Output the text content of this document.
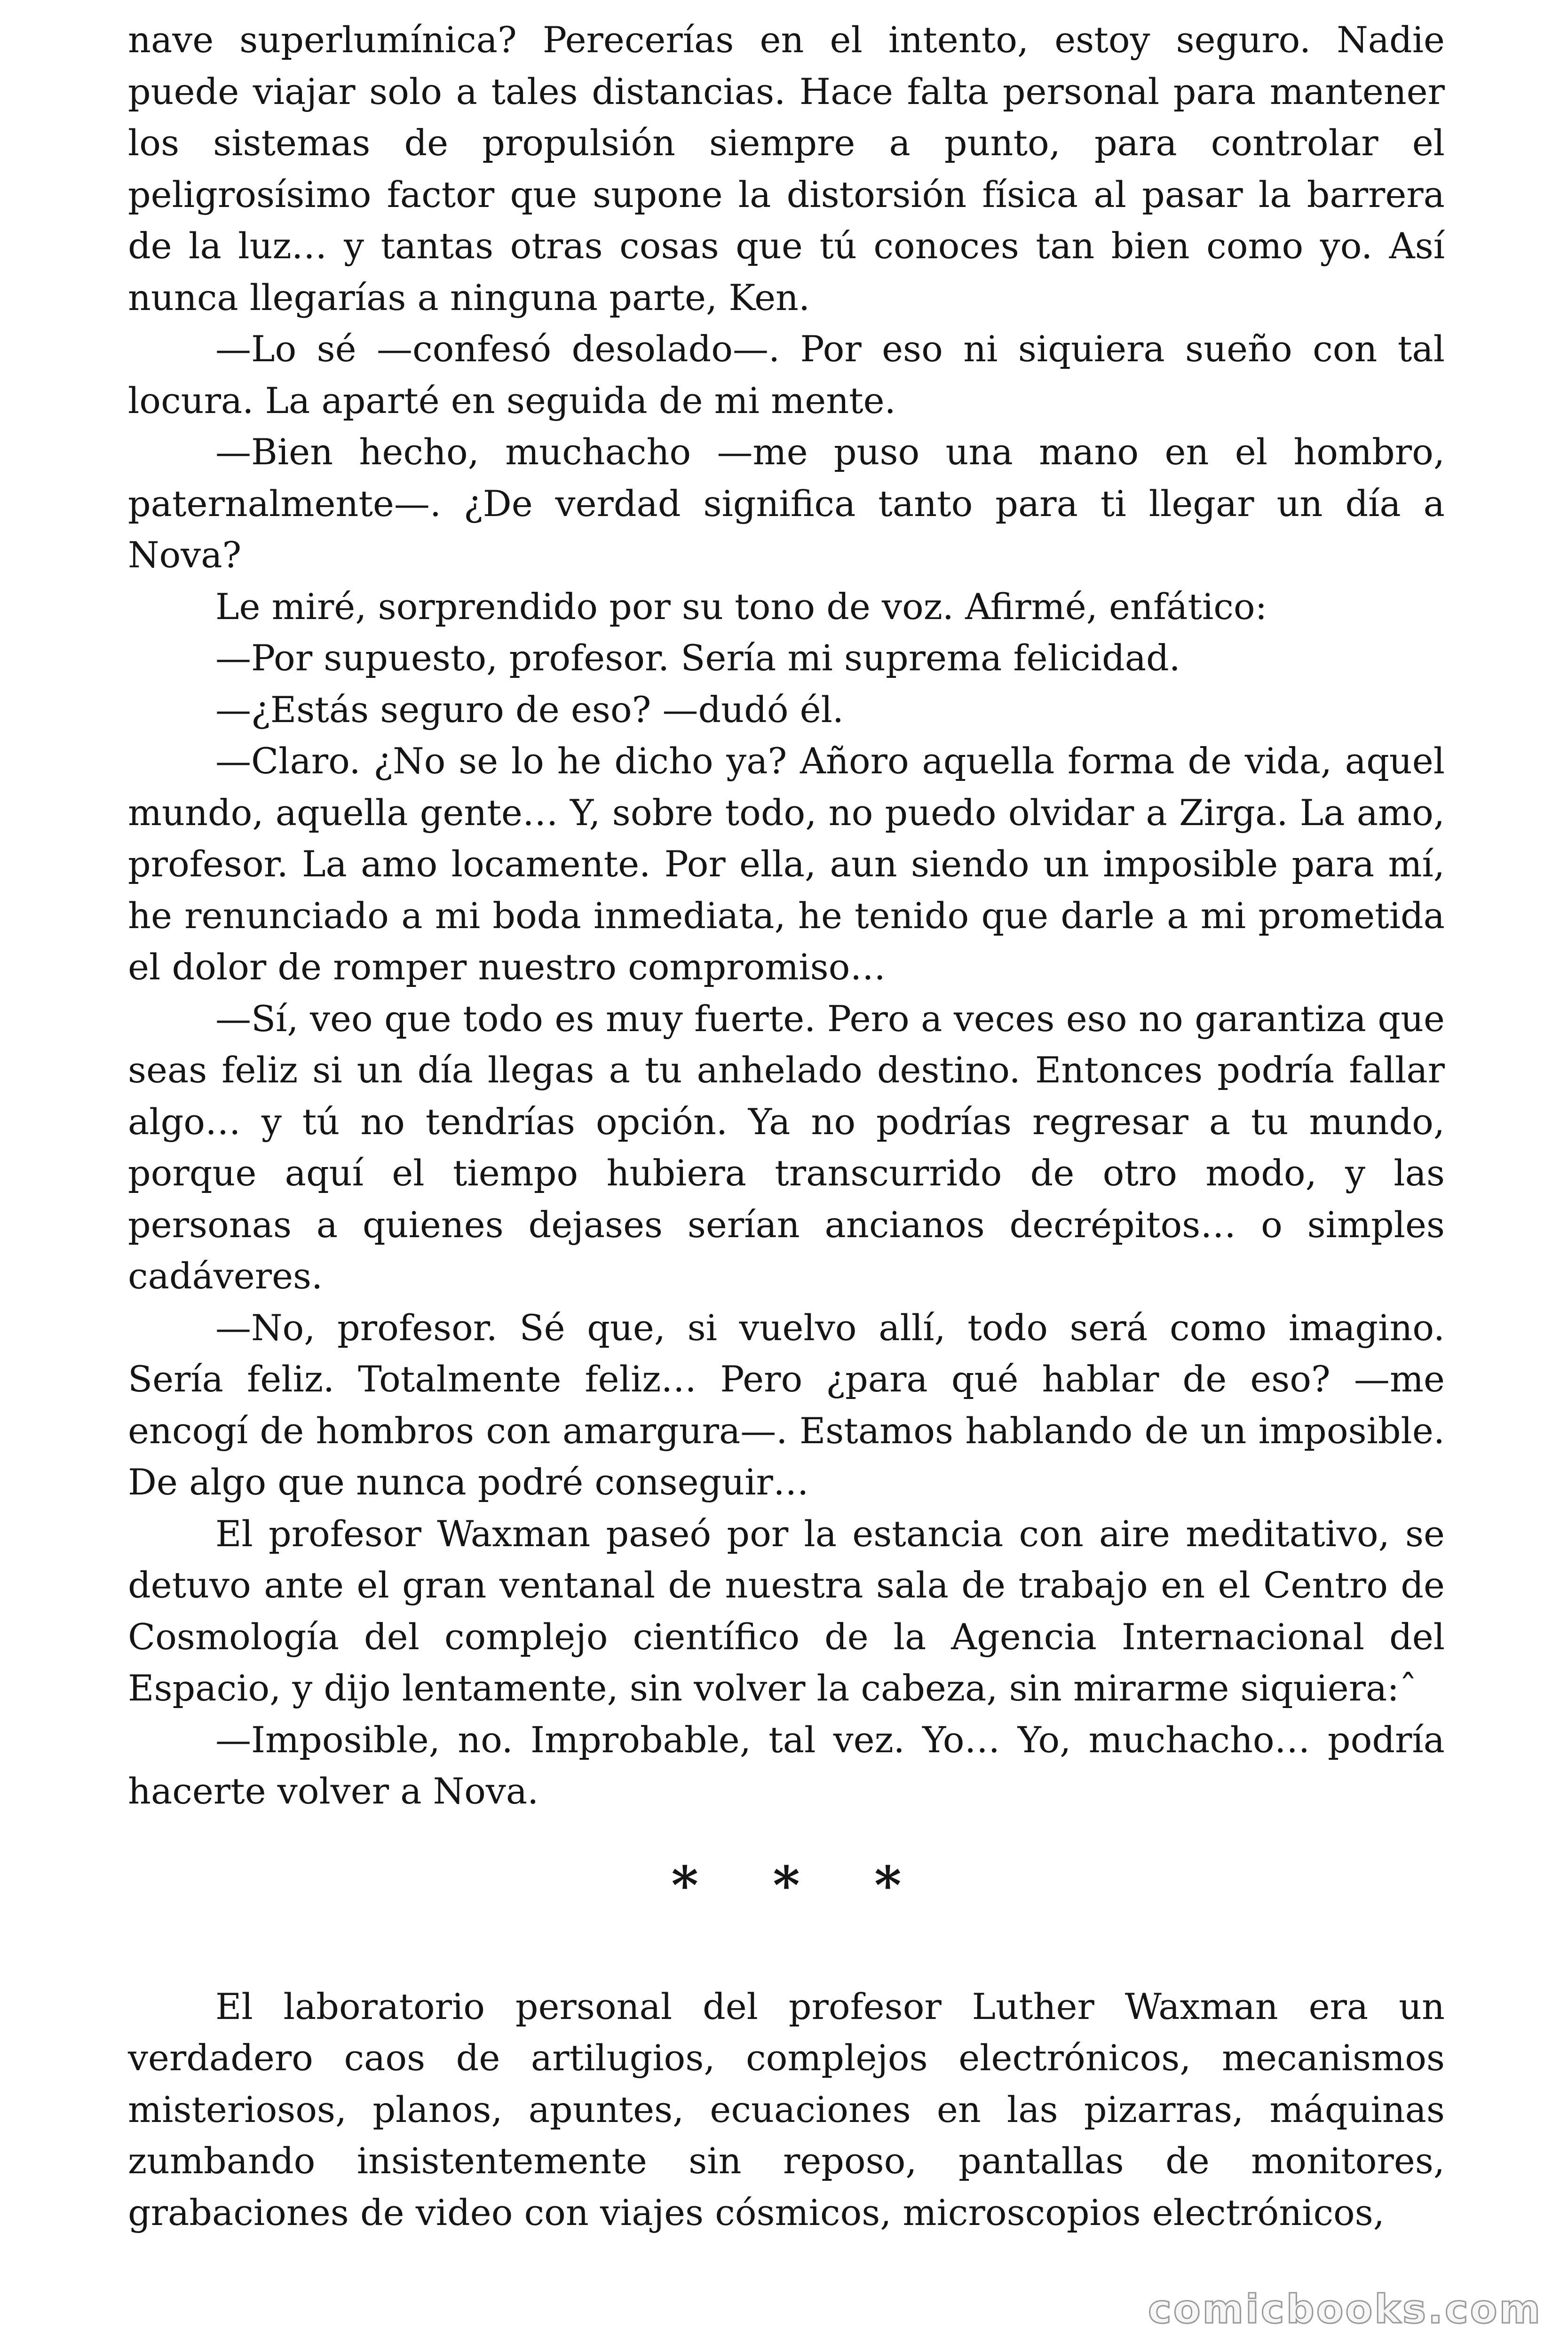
nave superlumínica? Perecerías en el intento, estoy seguro. Nadie puede viajar solo a tales distancias. Hace falta personal para mantener los sistemas de propulsión siempre a punto, para controlar el peligrosísimo factor que supone la distorsión física al pasar la barrera de la luz… y tantas otras cosas que tú conoces tan bien como yo. Así nunca llegarías a ninguna parte, Ken.

—Lo sé —confesó desolado—. Por eso ni siquiera sueño con tal locura. La aparté en seguida de mi mente.

—Bien hecho, muchacho —me puso una mano en el hombro, paternalmente—. ¿De verdad significa tanto para ti llegar un día a Nova?

Le miré, sorprendido por su tono de voz. Afirmé, enfático:

—Por supuesto, profesor. Sería mi suprema felicidad.

—¿Estás seguro de eso? —dudó él.

—Claro. ¿No se lo he dicho ya? Añoro aquella forma de vida, aquel mundo, aquella gente… Y, sobre todo, no puedo olvidar a Zirga. La amo, profesor. La amo locamente. Por ella, aun siendo un imposible para mí, he renunciado a mi boda inmediata, he tenido que darle a mi prometida el dolor de romper nuestro compromiso…

—Sí, veo que todo es muy fuerte. Pero a veces eso no garantiza que seas feliz si un día llegas a tu anhelado destino. Entonces podría fallar algo… y tú no tendrías opción. Ya no podrías regresar a tu mundo, porque aquí el tiempo hubiera transcurrido de otro modo, y las personas a quienes dejases serían ancianos decrépitos… o simples cadáveres.

—No, profesor. Sé que, si vuelvo allí, todo será como imagino. Sería feliz. Totalmente feliz… Pero ¿para qué hablar de eso? —me encogí de hombros con amargura—. Estamos hablando de un imposible. De algo que nunca podré conseguir…

El profesor Waxman paseó por la estancia con aire meditativo, se detuvo ante el gran ventanal de nuestra sala de trabajo en el Centro de Cosmología del complejo científico de la Agencia Internacional del Espacio, y dijo lentamente, sin volver la cabeza, sin mirarme siquiera:ˆ

—Imposible, no. Improbable, tal vez. Yo… Yo, muchacho… podría hacerte volver a Nova.

* * *

El laboratorio personal del profesor Luther Waxman era un verdadero caos de artilugios, complejos electrónicos, mecanismos misteriosos, planos, apuntes, ecuaciones en las pizarras, máquinas zumbando insistentemente sin reposo, pantallas de monitores, grabaciones de video con viajes cósmicos, microscopios electrónicos,

comicbooks.com
